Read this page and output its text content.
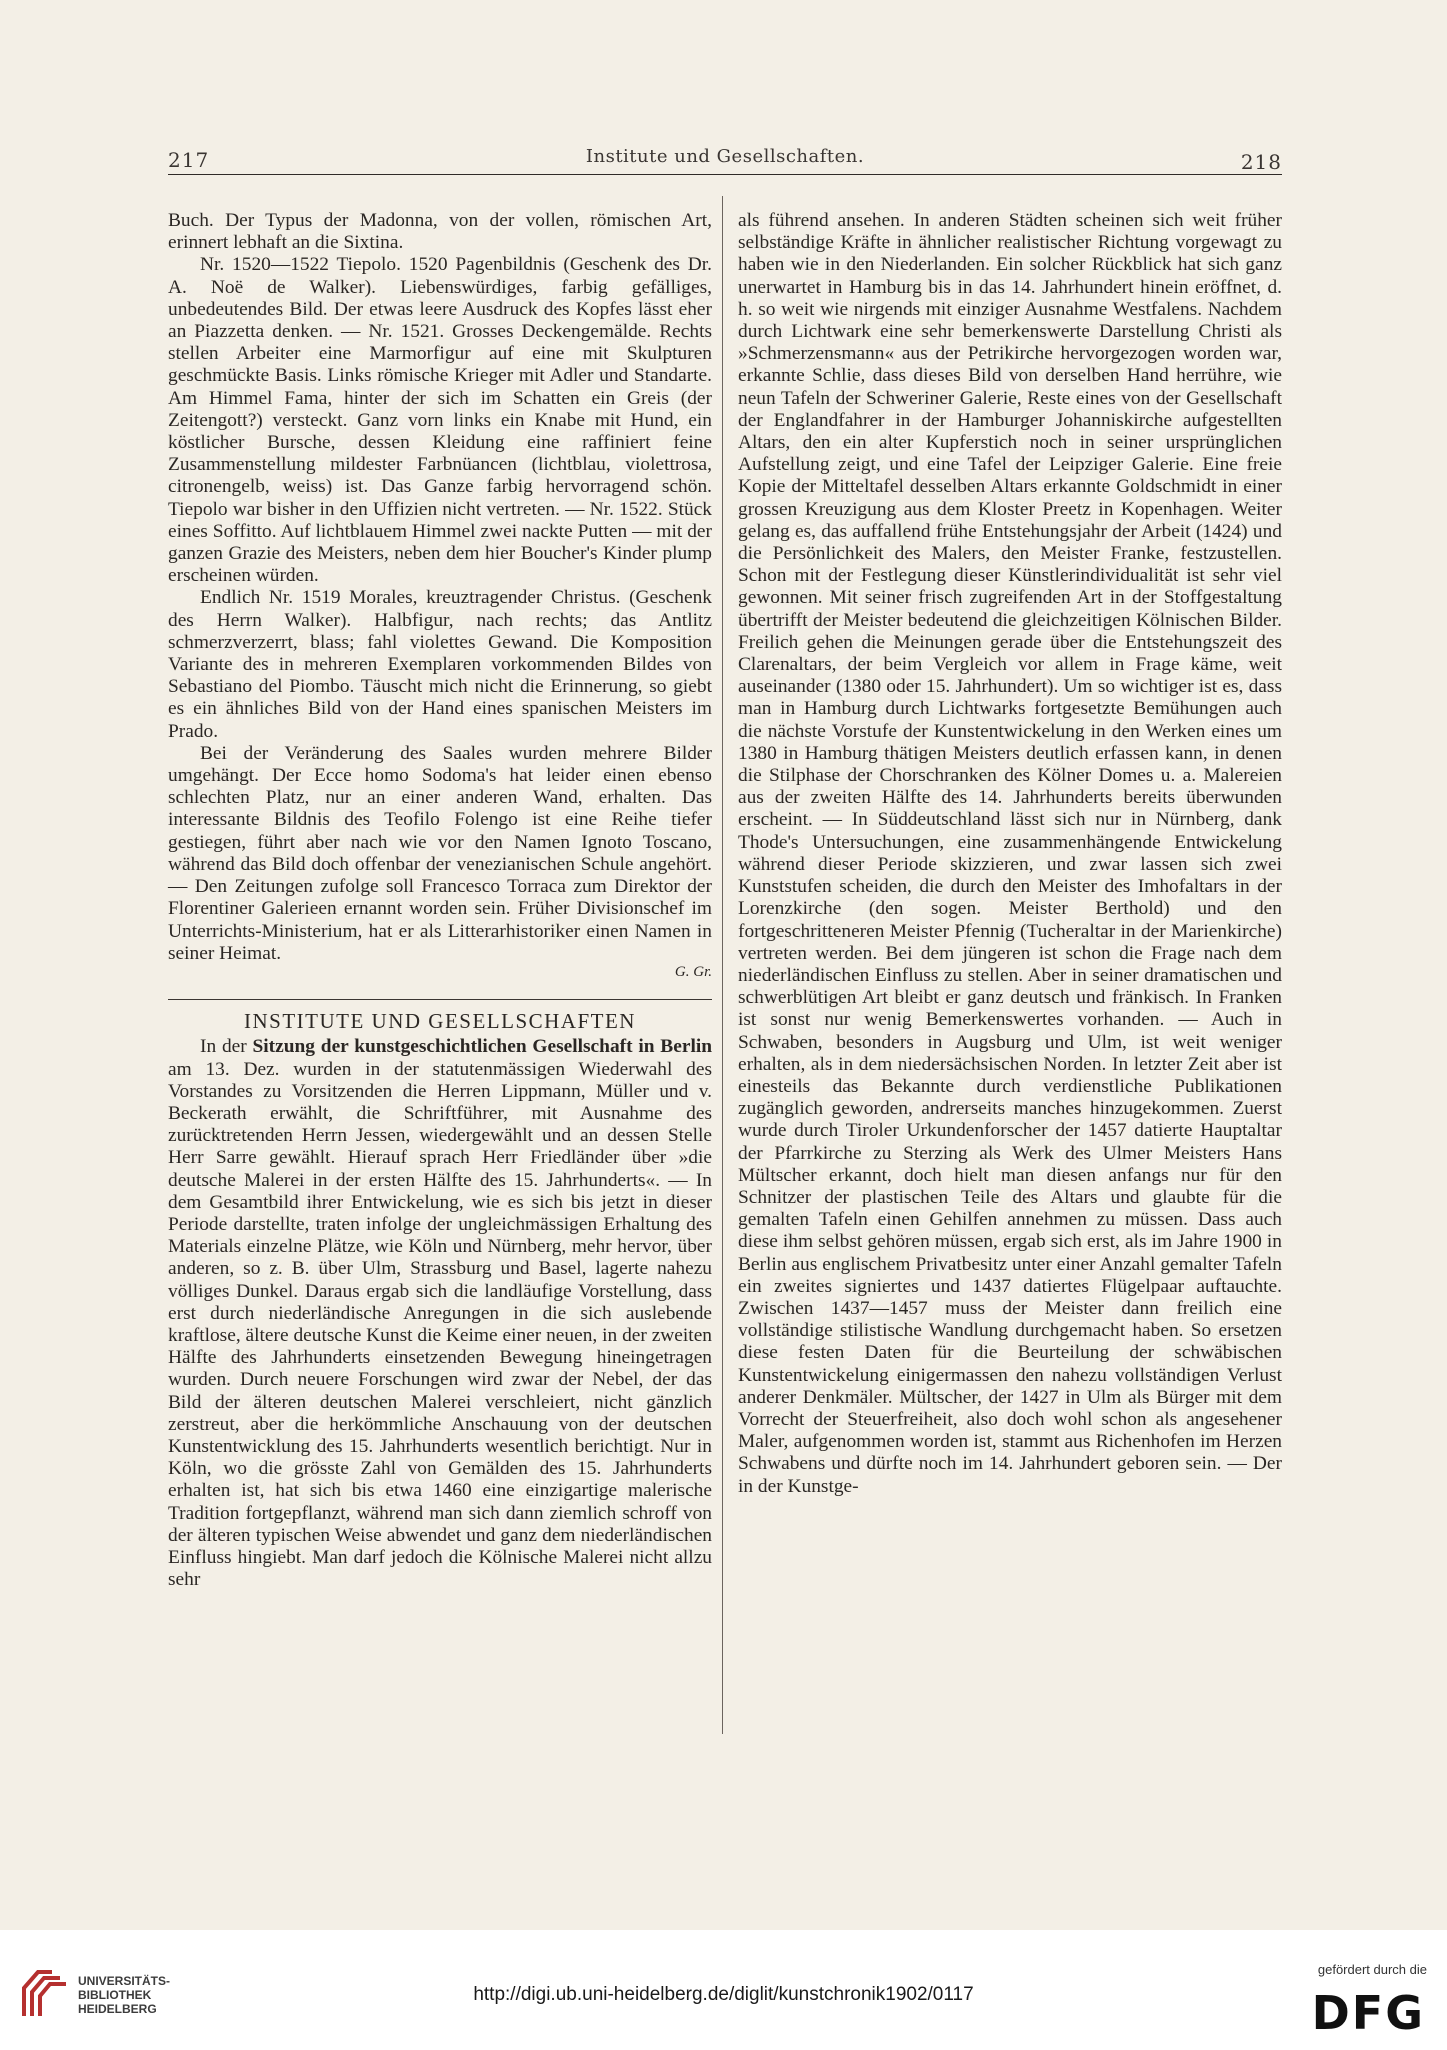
217	Institute und Gesellschaften.	218

Buch. Der Typus der Madonna, von der vollen, römischen Art, erinnert lebhaft an die Sixtina.

Nr. 1520—1522 Tiepolo. 1520 Pagenbildnis (Geschenk des Dr. A. Noë de Walker). Liebenswürdiges, farbig gefälliges, unbedeutendes Bild. Der etwas leere Ausdruck des Kopfes lässt eher an Piazzetta denken. — Nr. 1521. Grosses Deckengemälde. Rechts stellen Arbeiter eine Marmorfigur auf eine mit Skulpturen geschmückte Basis. Links römische Krieger mit Adler und Standarte. Am Himmel Fama, hinter der sich im Schatten ein Greis (der Zeitengott?) versteckt. Ganz vorn links ein Knabe mit Hund, ein köstlicher Bursche, dessen Kleidung eine raffiniert feine Zusammenstellung mildester Farbnüancen (lichtblau, violettrosa, citronengelb, weiss) ist. Das Ganze farbig hervorragend schön. Tiepolo war bisher in den Uffizien nicht vertreten. — Nr. 1522. Stück eines Soffitto. Auf lichtblauem Himmel zwei nackte Putten — mit der ganzen Grazie des Meisters, neben dem hier Boucher's Kinder plump erscheinen würden.

Endlich Nr. 1519 Morales, kreuztragender Christus. (Geschenk des Herrn Walker). Halbfigur, nach rechts; das Antlitz schmerzverzerrt, blass; fahl violettes Gewand. Die Komposition Variante des in mehreren Exemplaren vorkommenden Bildes von Sebastiano del Piombo. Täuscht mich nicht die Erinnerung, so giebt es ein ähnliches Bild von der Hand eines spanischen Meisters im Prado.

Bei der Veränderung des Saales wurden mehrere Bilder umgehängt. Der Ecce homo Sodoma's hat leider einen ebenso schlechten Platz, nur an einer anderen Wand, erhalten. Das interessante Bildnis des Teofilo Folengo ist eine Reihe tiefer gestiegen, führt aber nach wie vor den Namen Ignoto Toscano, während das Bild doch offenbar der venezianischen Schule angehört. — Den Zeitungen zufolge soll Francesco Torraca zum Direktor der Florentiner Galerieen ernannt worden sein. Früher Divisionschef im Unterrichts-Ministerium, hat er als Litterarhistoriker einen Namen in seiner Heimat.

G. Gr.
INSTITUTE UND GESELLSCHAFTEN

In der Sitzung der kunstgeschichtlichen Gesellschaft in Berlin am 13. Dez. wurden in der statutenmässigen Wiederwahl des Vorstandes zu Vorsitzenden die Herren Lippmann, Müller und v. Beckerath erwählt, die Schriftführer, mit Ausnahme des zurücktretenden Herrn Jessen, wiedergewählt und an dessen Stelle Herr Sarre gewählt. Hierauf sprach Herr Friedländer über »die deutsche Malerei in der ersten Hälfte des 15. Jahrhunderts«. — In dem Gesamtbild ihrer Entwickelung, wie es sich bis jetzt in dieser Periode darstellte, traten infolge der ungleichmässigen Erhaltung des Materials einzelne Plätze, wie Köln und Nürnberg, mehr hervor, über anderen, so z. B. über Ulm, Strassburg und Basel, lagerte nahezu völliges Dunkel. Daraus ergab sich die landläufige Vorstellung, dass erst durch niederländische Anregungen in die sich auslebende kraftlose, ältere deutsche Kunst die Keime einer neuen, in der zweiten Hälfte des Jahrhunderts einsetzenden Bewegung hineingetragen wurden. Durch neuere Forschungen wird zwar der Nebel, der das Bild der älteren deutschen Malerei verschleiert, nicht gänzlich zerstreut, aber die herkömmliche Anschauung von der deutschen Kunstentwicklung des 15. Jahrhunderts wesentlich berichtigt. Nur in Köln, wo die grösste Zahl von Gemälden des 15. Jahrhunderts erhalten ist, hat sich bis etwa 1460 eine einzigartige malerische Tradition fortgepflanzt, während man sich dann ziemlich schroff von der älteren typischen Weise abwendet und ganz dem niederländischen Einfluss hingiebt. Man darf jedoch die Kölnische Malerei nicht allzu sehr

als führend ansehen. In anderen Städten scheinen sich weit früher selbständige Kräfte in ähnlicher realistischer Richtung vorgewagt zu haben wie in den Niederlanden. Ein solcher Rückblick hat sich ganz unerwartet in Hamburg bis in das 14. Jahrhundert hinein eröffnet, d. h. so weit wie nirgends mit einziger Ausnahme Westfalens. Nachdem durch Lichtwark eine sehr bemerkenswerte Darstellung Christi als »Schmerzensmann« aus der Petrikirche hervorgezogen worden war, erkannte Schlie, dass dieses Bild von derselben Hand herrühre, wie neun Tafeln der Schweriner Galerie, Reste eines von der Gesellschaft der Englandfahrer in der Hamburger Johanniskirche aufgestellten Altars, den ein alter Kupferstich noch in seiner ursprünglichen Aufstellung zeigt, und eine Tafel der Leipziger Galerie. Eine freie Kopie der Mitteltafel desselben Altars erkannte Goldschmidt in einer grossen Kreuzigung aus dem Kloster Preetz in Kopenhagen. Weiter gelang es, das auffallend frühe Entstehungsjahr der Arbeit (1424) und die Persönlichkeit des Malers, den Meister Franke, festzustellen. Schon mit der Festlegung dieser Künstlerindividualität ist sehr viel gewonnen. Mit seiner frisch zugreifenden Art in der Stoffgestaltung übertrifft der Meister bedeutend die gleichzeitigen Kölnischen Bilder. Freilich gehen die Meinungen gerade über die Entstehungszeit des Clarenaltars, der beim Vergleich vor allem in Frage käme, weit auseinander (1380 oder 15. Jahrhundert). Um so wichtiger ist es, dass man in Hamburg durch Lichtwarks fortgesetzte Bemühungen auch die nächste Vorstufe der Kunstentwickelung in den Werken eines um 1380 in Hamburg thätigen Meisters deutlich erfassen kann, in denen die Stilphase der Chorschranken des Kölner Domes u. a. Malereien aus der zweiten Hälfte des 14. Jahrhunderts bereits überwunden erscheint. — In Süddeutschland lässt sich nur in Nürnberg, dank Thode's Untersuchungen, eine zusammenhängende Entwickelung während dieser Periode skizzieren, und zwar lassen sich zwei Kunststufen scheiden, die durch den Meister des Imhofaltars in der Lorenzkirche (den sogen. Meister Berthold) und den fortgeschritteneren Meister Pfennig (Tucheraltar in der Marienkirche) vertreten werden. Bei dem jüngeren ist schon die Frage nach dem niederländischen Einfluss zu stellen. Aber in seiner dramatischen und schwerblütigen Art bleibt er ganz deutsch und fränkisch. In Franken ist sonst nur wenig Bemerkenswertes vorhanden. — Auch in Schwaben, besonders in Augsburg und Ulm, ist weit weniger erhalten, als in dem niedersächsischen Norden. In letzter Zeit aber ist einesteils das Bekannte durch verdienstliche Publikationen zugänglich geworden, andrerseits manches hinzugekommen. Zuerst wurde durch Tiroler Urkundenforscher der 1457 datierte Hauptaltar der Pfarrkirche zu Sterzing als Werk des Ulmer Meisters Hans Mültscher erkannt, doch hielt man diesen anfangs nur für den Schnitzer der plastischen Teile des Altars und glaubte für die gemalten Tafeln einen Gehilfen annehmen zu müssen. Dass auch diese ihm selbst gehören müssen, ergab sich erst, als im Jahre 1900 in Berlin aus englischem Privatbesitz unter einer Anzahl gemalter Tafeln ein zweites signiertes und 1437 datiertes Flügelpaar auftauchte. Zwischen 1437—1457 muss der Meister dann freilich eine vollständige stilistische Wandlung durchgemacht haben. So ersetzen diese festen Daten für die Beurteilung der schwäbischen Kunstentwickelung einigermassen den nahezu vollständigen Verlust anderer Denkmäler. Mültscher, der 1427 in Ulm als Bürger mit dem Vorrecht der Steuerfreiheit, also doch wohl schon als angesehener Maler, aufgenommen worden ist, stammt aus Richenhofen im Herzen Schwabens und dürfte noch im 14. Jahrhundert geboren sein. — Der in der Kunstge-

UNIVERSITÄTS-
BIBLIOTHEK
HEIDELBERG
http://digi.ub.uni-heidelberg.de/diglit/kunstchronik1902/0117
gefördert durch die
DFG
